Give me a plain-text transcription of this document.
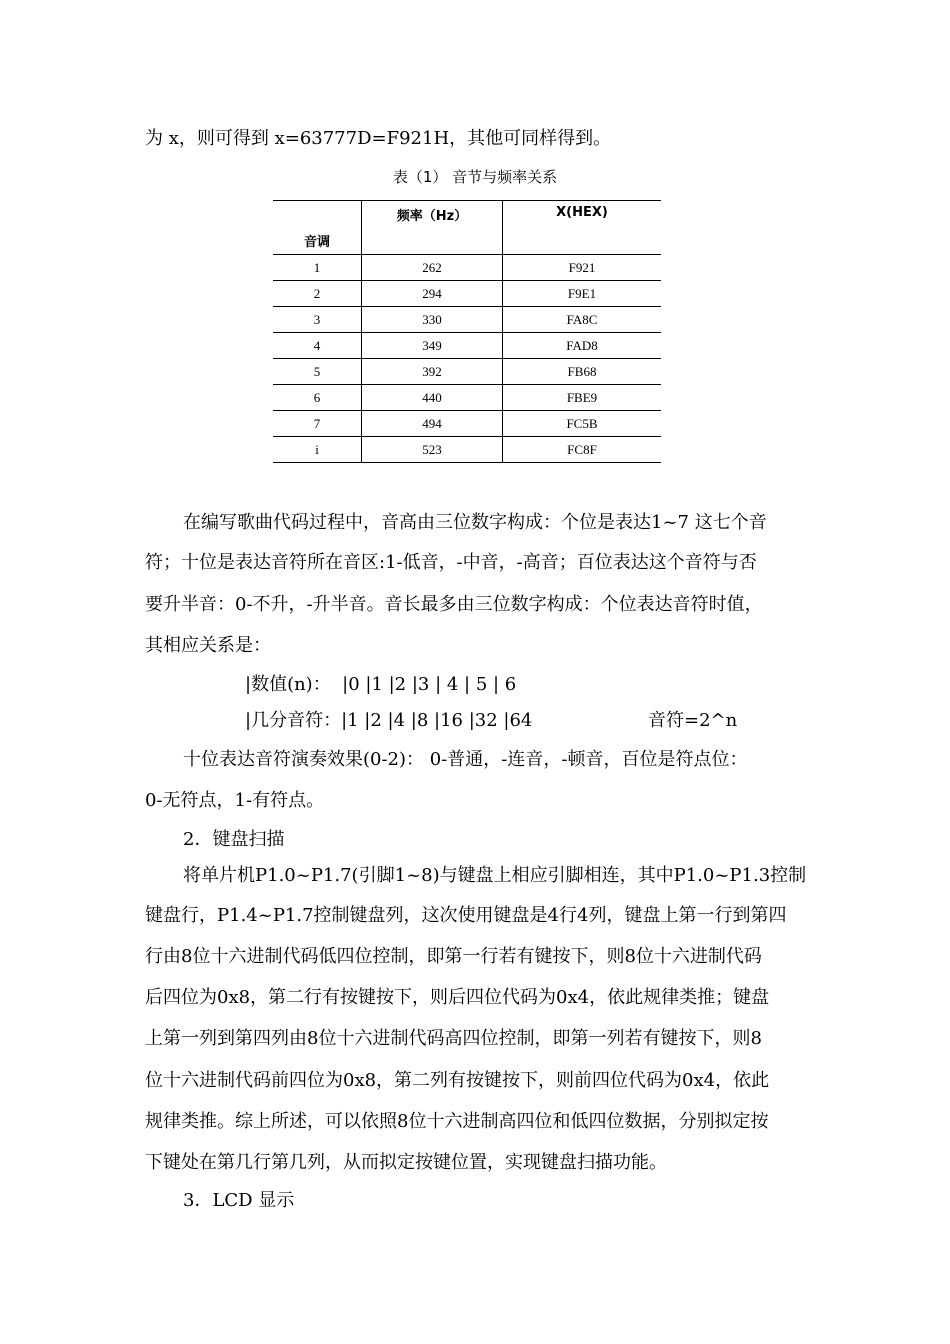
为 x，则可得到 x=63777D=F921H，其他可同样得到。
表（1） 音节与频率关系
音调	频率（Hz）	X(HEX)
1	262	F921
2	294	F9E1
3	330	FA8C
4	349	FAD8
5	392	FB68
6	440	FBE9
7	494	FC5B
i	523	FC8F
在编写歌曲代码过程中，音高由三位数字构成：个位是表达1~7 这七个音
符；十位是表达音符所在音区:1-低音，-中音，-高音；百位表达这个音符与否
要升半音：0-不升，-升半音。音长最多由三位数字构成：个位表达音符时值，
其相应关系是：
|数值(n)：  |0 |1 |2 |3 | 4 | 5 | 6
|几分音符：|1 |2 |4 |8 |16 |32 |64	音符=2^n
十位表达音符演奏效果(0-2)： 0-普通，-连音，-顿音，百位是符点位：
0-无符点，1-有符点。
2．键盘扫描
将单片机P1.0~P1.7(引脚1~8)与键盘上相应引脚相连，其中P1.0~P1.3控制
键盘行，P1.4~P1.7控制键盘列，这次使用键盘是4行4列，键盘上第一行到第四
行由8位十六进制代码低四位控制，即第一行若有键按下，则8位十六进制代码
后四位为0x8，第二行有按键按下，则后四位代码为0x4，依此规律类推；键盘
上第一列到第四列由8位十六进制代码高四位控制，即第一列若有键按下，则8
位十六进制代码前四位为0x8，第二列有按键按下，则前四位代码为0x4，依此
规律类推。综上所述，可以依照8位十六进制高四位和低四位数据，分别拟定按
下键处在第几行第几列，从而拟定按键位置，实现键盘扫描功能。
3．LCD 显示
